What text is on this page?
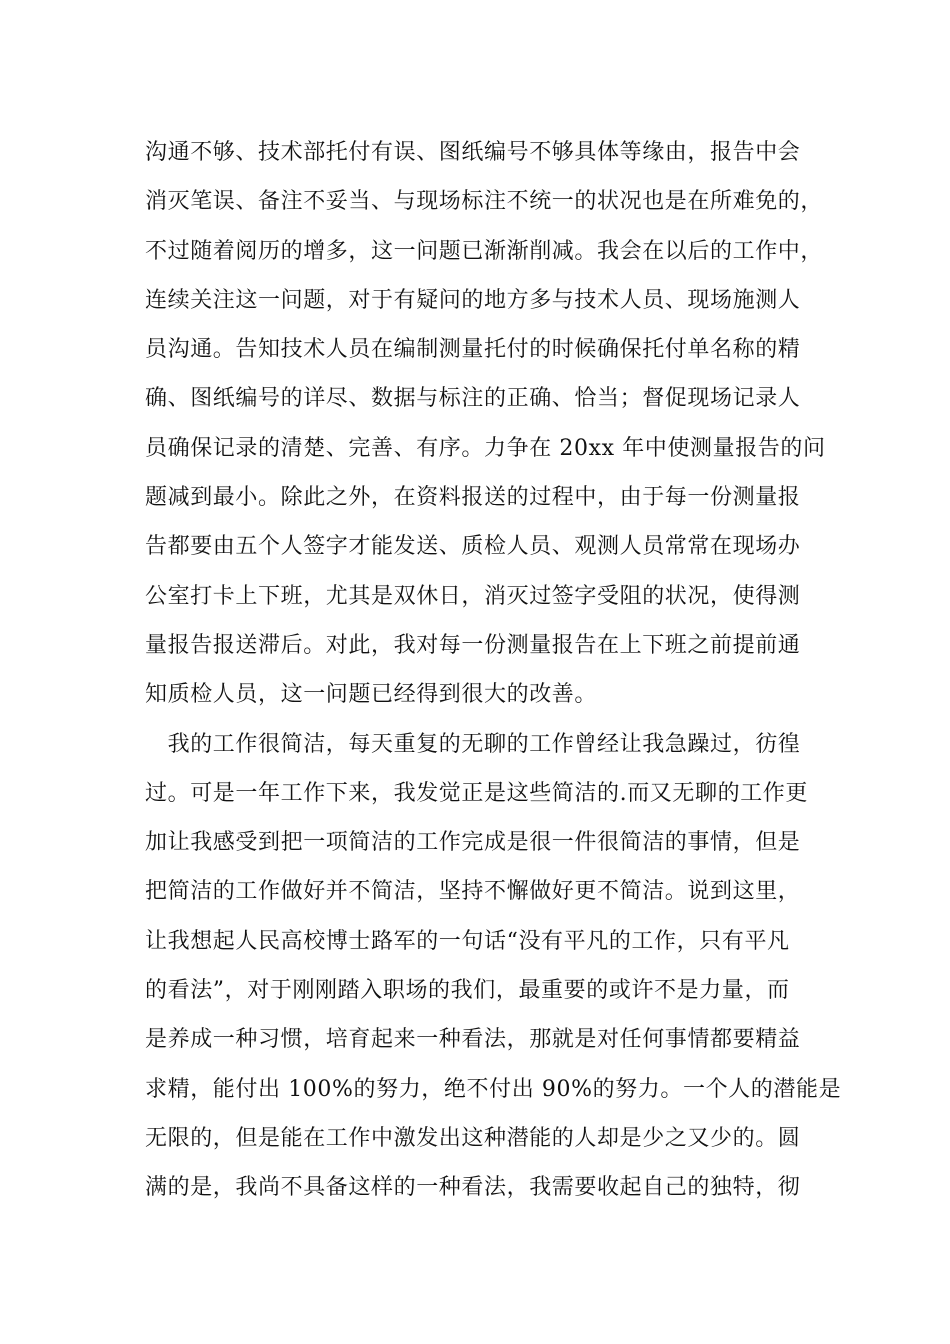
沟通不够、技术部托付有误、图纸编号不够具体等缘由，报告中会
消灭笔误、备注不妥当、与现场标注不统一的状况也是在所难免的，
不过随着阅历的增多，这一问题已渐渐削减。我会在以后的工作中，
连续关注这一问题，对于有疑问的地方多与技术人员、现场施测人
员沟通。告知技术人员在编制测量托付的时候确保托付单名称的精
确、图纸编号的详尽、数据与标注的正确、恰当；督促现场记录人
员确保记录的清楚、完善、有序。力争在 20xx 年中使测量报告的问
题减到最小。除此之外，在资料报送的过程中，由于每一份测量报
告都要由五个人签字才能发送、质检人员、观测人员常常在现场办
公室打卡上下班，尤其是双休日，消灭过签字受阻的状况，使得测
量报告报送滞后。对此，我对每一份测量报告在上下班之前提前通
知质检人员，这一问题已经得到很大的改善。
　我的工作很简洁，每天重复的无聊的工作曾经让我急躁过，彷徨
过。可是一年工作下来，我发觉正是这些简洁的.而又无聊的工作更
加让我感受到把一项简洁的工作完成是很一件很简洁的事情，但是
把简洁的工作做好并不简洁，坚持不懈做好更不简洁。说到这里，
让我想起人民高校博士路军的一句话“没有平凡的工作，只有平凡
的看法”，对于刚刚踏入职场的我们，最重要的或许不是力量，而
是养成一种习惯，培育起来一种看法，那就是对任何事情都要精益
求精，能付出 100%的努力，绝不付出 90%的努力。一个人的潜能是
无限的，但是能在工作中激发出这种潜能的人却是少之又少的。圆
满的是，我尚不具备这样的一种看法，我需要收起自己的独特，彻
